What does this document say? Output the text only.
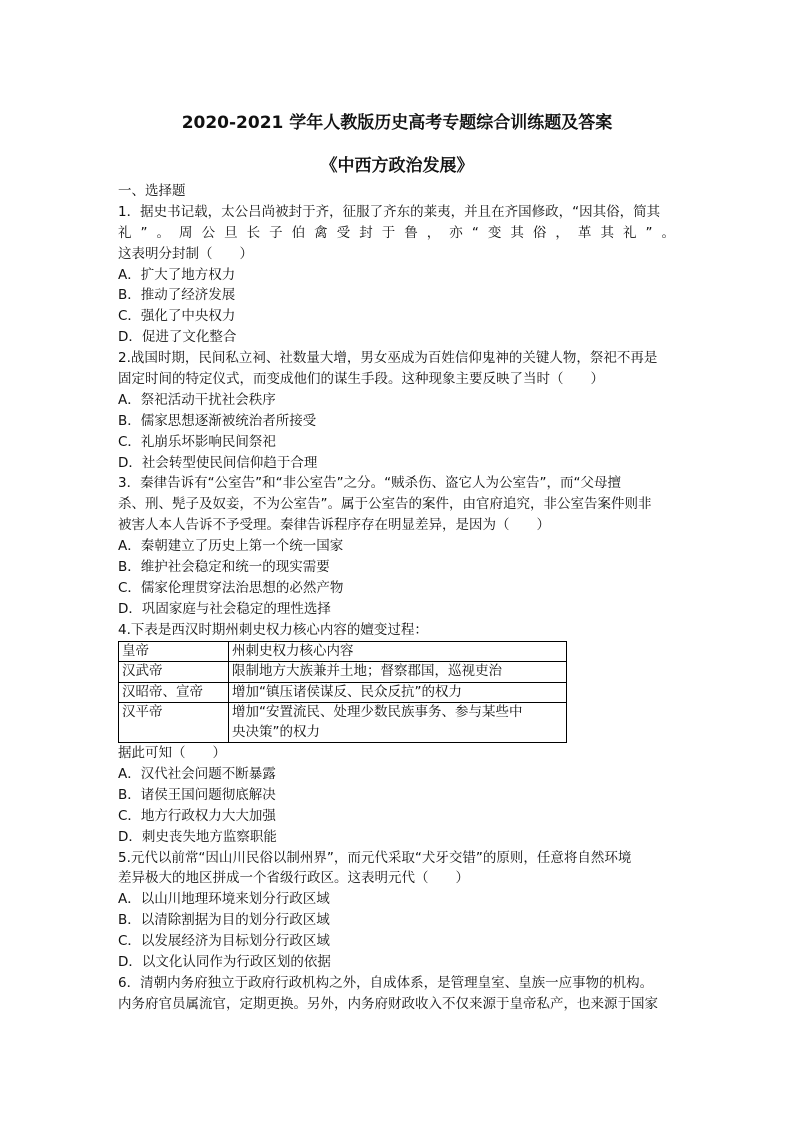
2020-2021 学年人教版历史高考专题综合训练题及答案
《中西方政治发展》
一、选择题
1．据史书记载，太公吕尚被封于齐，征服了齐东的莱夷，并且在齐国修政，“因其俗，简其
礼”。周公旦长子伯禽受封于鲁，亦“变其俗，革其礼”。
这表明分封制（　　）
A．扩大了地方权力
B．推动了经济发展
C．强化了中央权力
D．促进了文化整合
2.战国时期，民间私立祠、社数量大增，男女巫成为百姓信仰鬼神的关键人物，祭祀不再是
固定时间的特定仪式，而变成他们的谋生手段。这种现象主要反映了当时（　　）
A．祭祀活动干扰社会秩序
B．儒家思想逐渐被统治者所接受
C．礼崩乐坏影响民间祭祀
D．社会转型使民间信仰趋于合理
3．秦律告诉有“公室告”和“非公室告”之分。“贼杀伤、盗它人为公室告”，而“父母擅
杀、刑、髡子及奴妾，不为公室告”。属于公室告的案件，由官府追究，非公室告案件则非
被害人本人告诉不予受理。秦律告诉程序存在明显差异，是因为（　　）
A．秦朝建立了历史上第一个统一国家
B．维护社会稳定和统一的现实需要
C．儒家伦理贯穿法治思想的必然产物
D．巩固家庭与社会稳定的理性选择
4.下表是西汉时期州刺史权力核心内容的嬗变过程：
皇帝	州刺史权力核心内容
汉武帝	限制地方大族兼并土地；督察郡国，巡视吏治
汉昭帝、宣帝	增加“镇压诸侯谋反、民众反抗”的权力
汉平帝	增加“安置流民、处理少数民族事务、参与某些中
央决策”的权力
据此可知（　　）
A．汉代社会问题不断暴露
B．诸侯王国问题彻底解决
C．地方行政权力大大加强
D．刺史丧失地方监察职能
5.元代以前常“因山川民俗以制州界”，而元代采取“犬牙交错”的原则，任意将自然环境
差异极大的地区拼成一个省级行政区。这表明元代（　　）
A．以山川地理环境来划分行政区域
B．以清除割据为目的划分行政区域
C．以发展经济为目标划分行政区域
D．以文化认同作为行政区划的依据
6．清朝内务府独立于政府行政机构之外，自成体系，是管理皇室、皇族一应事物的机构。
内务府官员属流官，定期更换。另外，内务府财政收入不仅来源于皇帝私产，也来源于国家
